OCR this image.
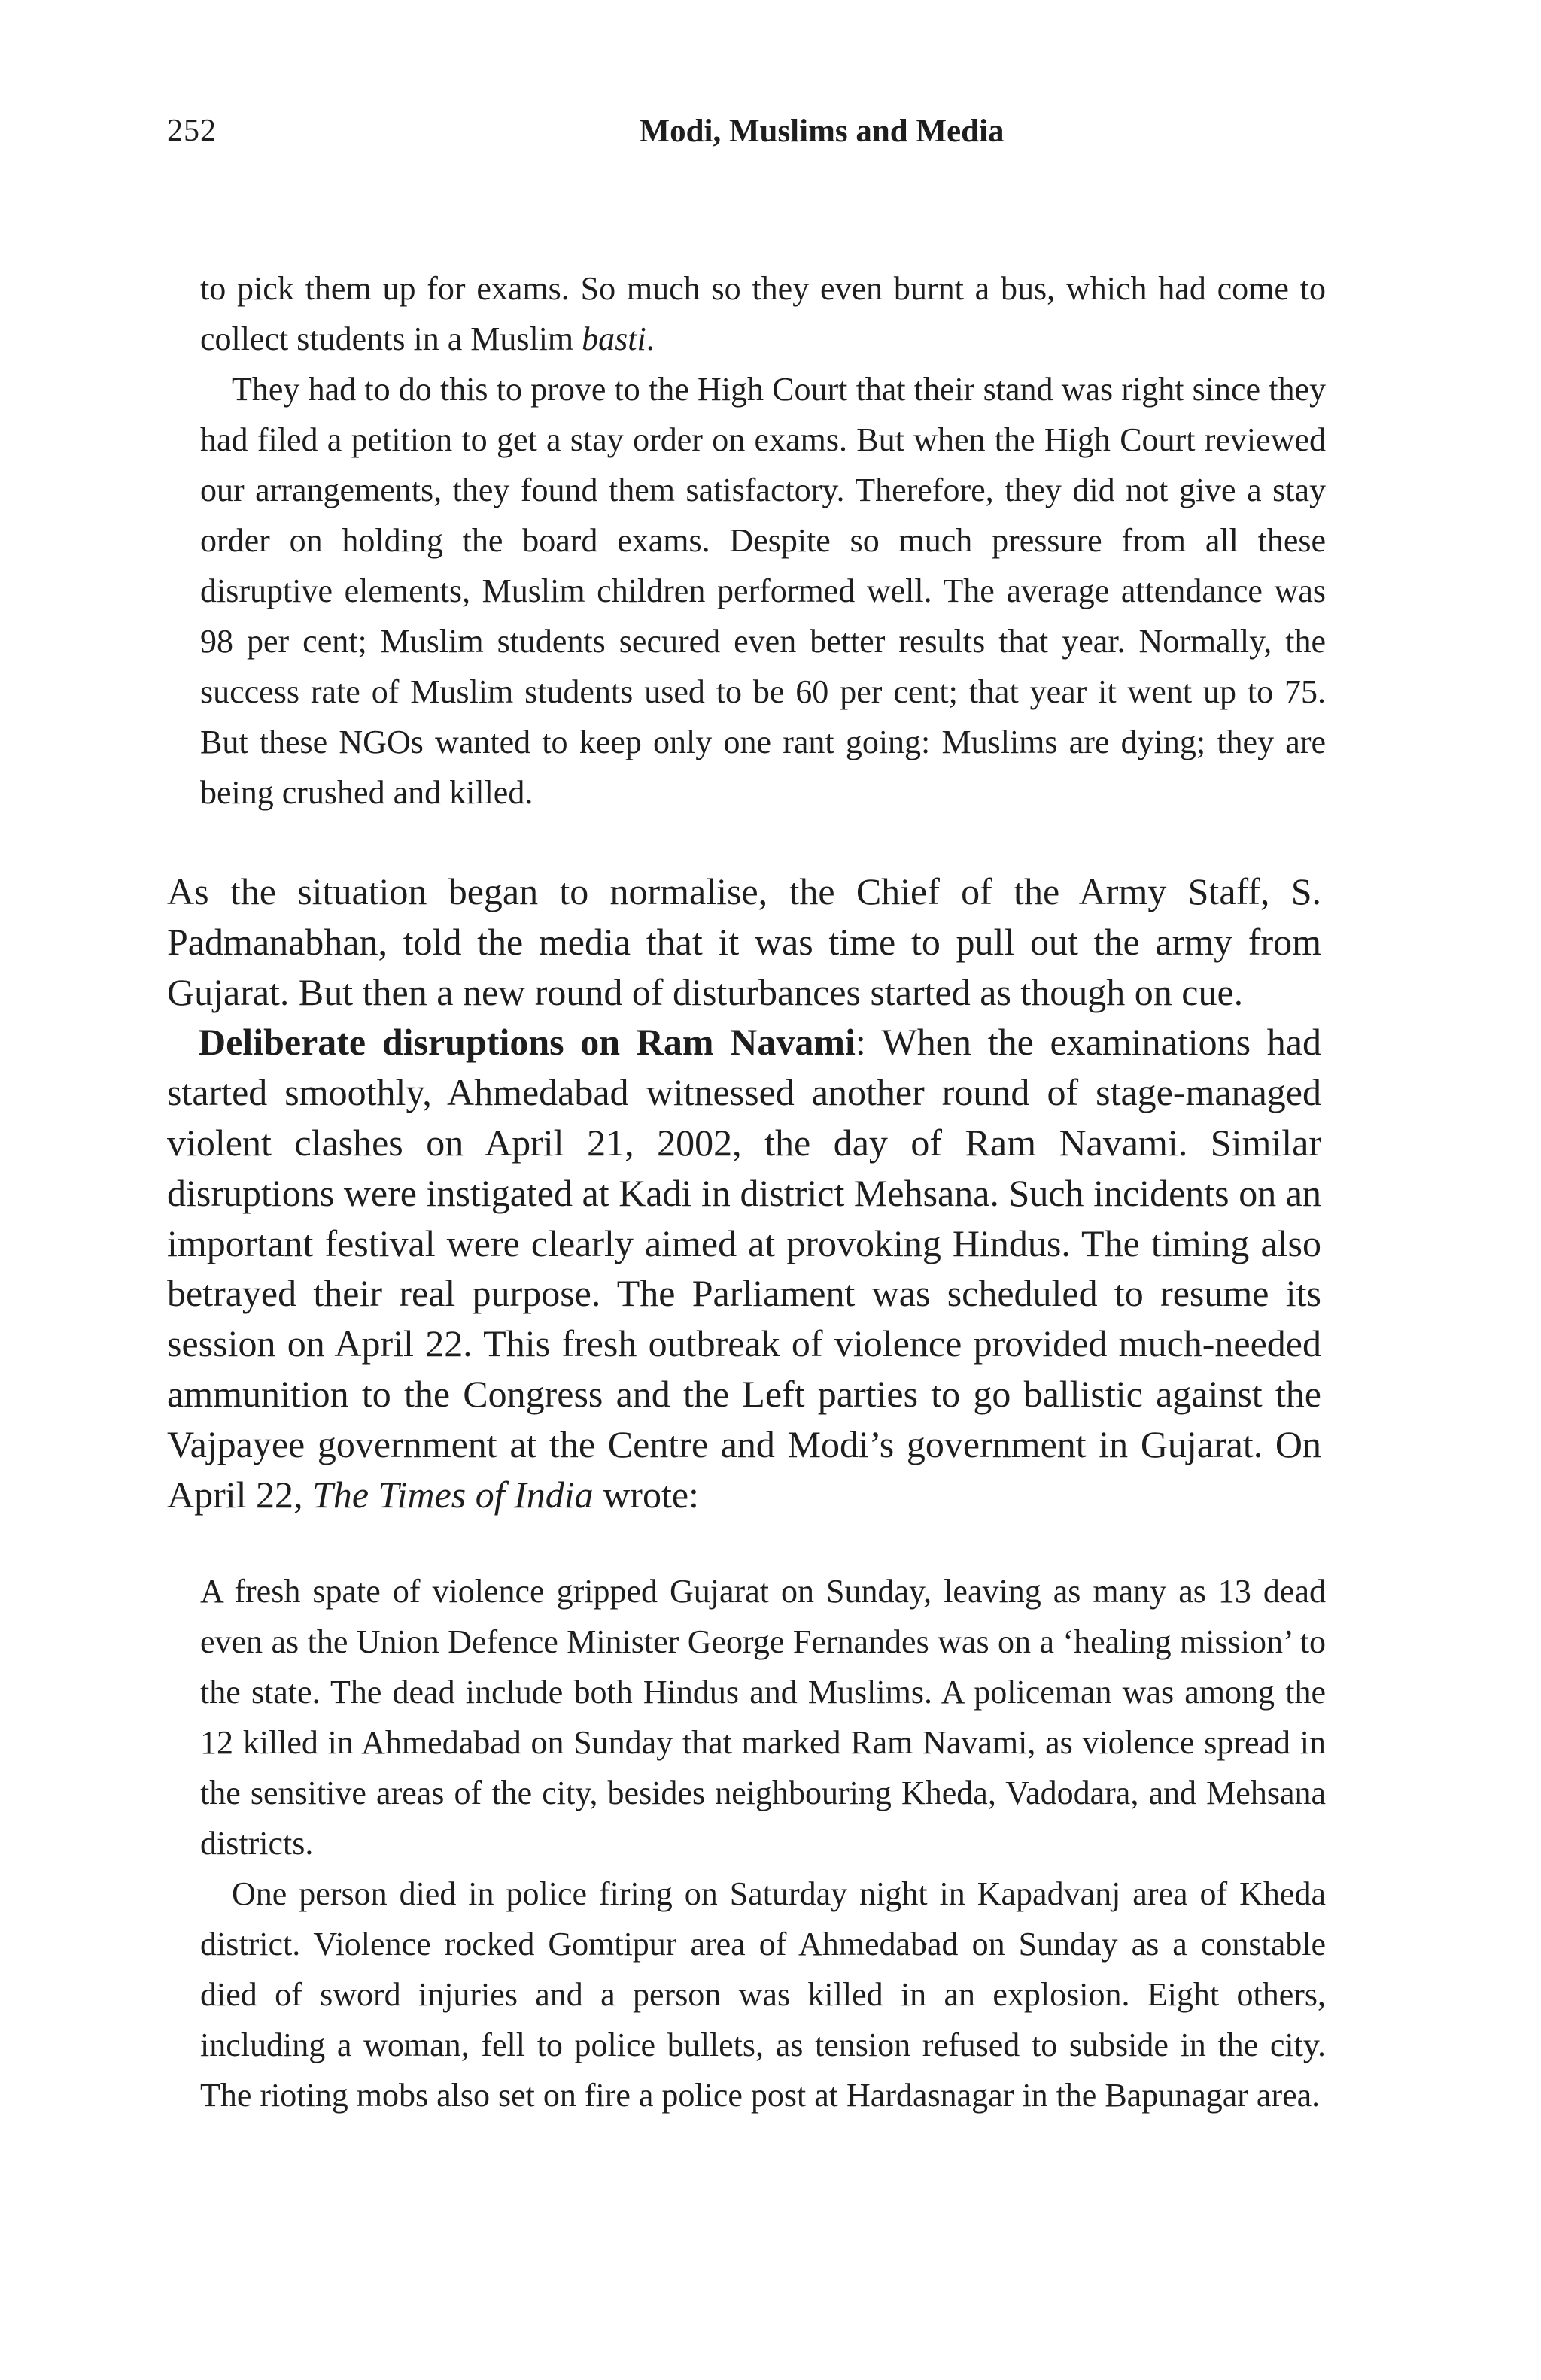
252	Modi, Muslims and Media

to pick them up for exams. So much so they even burnt a bus, which had come to collect students in a Muslim basti.

They had to do this to prove to the High Court that their stand was right since they had filed a petition to get a stay order on exams. But when the High Court reviewed our arrangements, they found them satisfactory. Therefore, they did not give a stay order on holding the board exams. Despite so much pressure from all these disruptive elements, Muslim children performed well. The average attendance was 98 per cent; Muslim students secured even better results that year. Normally, the success rate of Muslim students used to be 60 per cent; that year it went up to 75. But these NGOs wanted to keep only one rant going: Muslims are dying; they are being crushed and killed.

As the situation began to normalise, the Chief of the Army Staff, S. Padmanabhan, told the media that it was time to pull out the army from Gujarat. But then a new round of disturbances started as though on cue.

Deliberate disruptions on Ram Navami: When the examinations had started smoothly, Ahmedabad witnessed another round of stage-managed violent clashes on April 21, 2002, the day of Ram Navami. Similar disruptions were instigated at Kadi in district Mehsana. Such incidents on an important festival were clearly aimed at provoking Hindus. The timing also betrayed their real purpose. The Parliament was scheduled to resume its session on April 22. This fresh outbreak of violence provided much-needed ammunition to the Congress and the Left parties to go ballistic against the Vajpayee government at the Centre and Modi’s government in Gujarat. On April 22, The Times of India wrote:

A fresh spate of violence gripped Gujarat on Sunday, leaving as many as 13 dead even as the Union Defence Minister George Fernandes was on a ‘healing mission’ to the state. The dead include both Hindus and Muslims. A policeman was among the 12 killed in Ahmedabad on Sunday that marked Ram Navami, as violence spread in the sensitive areas of the city, besides neighbouring Kheda, Vadodara, and Mehsana districts.

One person died in police firing on Saturday night in Kapadvanj area of Kheda district. Violence rocked Gomtipur area of Ahmedabad on Sunday as a constable died of sword injuries and a person was killed in an explosion. Eight others, including a woman, fell to police bullets, as tension refused to subside in the city. The rioting mobs also set on fire a police post at Hardasnagar in the Bapunagar area.
